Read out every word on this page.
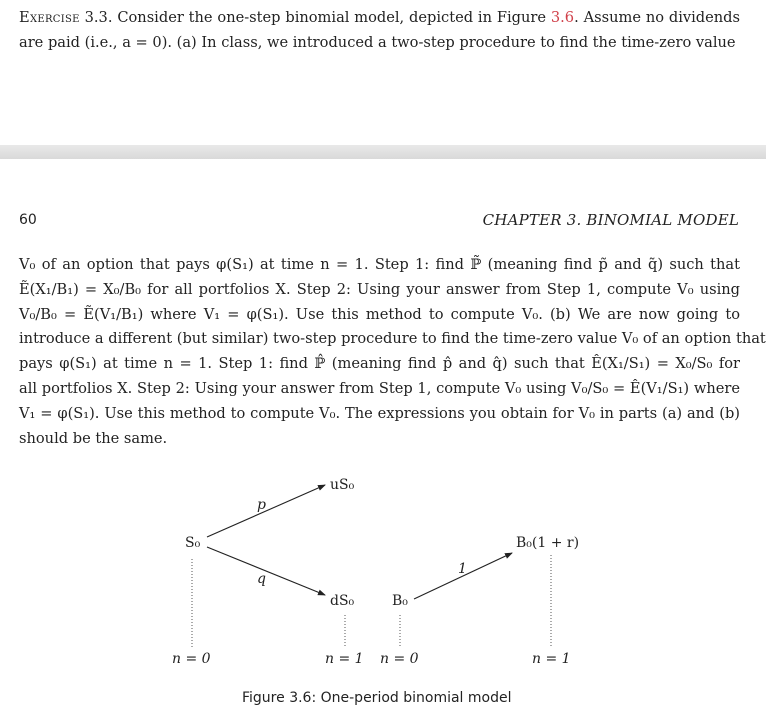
Exercise 3.3. Consider the one-step binomial model, depicted in Figure 3.6. Assume no dividends
are paid (i.e., a = 0). (a) In class, we introduced a two-step procedure to find the time-zero value

60	CHAPTER 3. BINOMIAL MODEL

V₀ of an option that pays φ(S₁) at time n = 1. Step 1: find ℙ̃ (meaning find p̃ and q̃) such that
Ẽ(X₁/B₁) = X₀/B₀ for all portfolios X. Step 2: Using your answer from Step 1, compute V₀ using
V₀/B₀ = Ẽ(V₁/B₁) where V₁ = φ(S₁). Use this method to compute V₀. (b) We are now going to
introduce a different (but similar) two-step procedure to find the time-zero value V₀ of an option that
pays φ(S₁) at time n = 1. Step 1: find ℙ̂ (meaning find p̂ and q̂) such that Ê(X₁/S₁) = X₀/S₀ for
all portfolios X. Step 2: Using your answer from Step 1, compute V₀ using V₀/S₀ = Ê(V₁/S₁) where
V₁ = φ(S₁). Use this method to compute V₀. The expressions you obtain for V₀ in parts (a) and (b)
should be the same.

S₀
uS₀
dS₀
p
q
B₀
B₀(1 + r)
1
n = 0	n = 1 n = 0	n = 1
Figure 3.6: One-period binomial model
